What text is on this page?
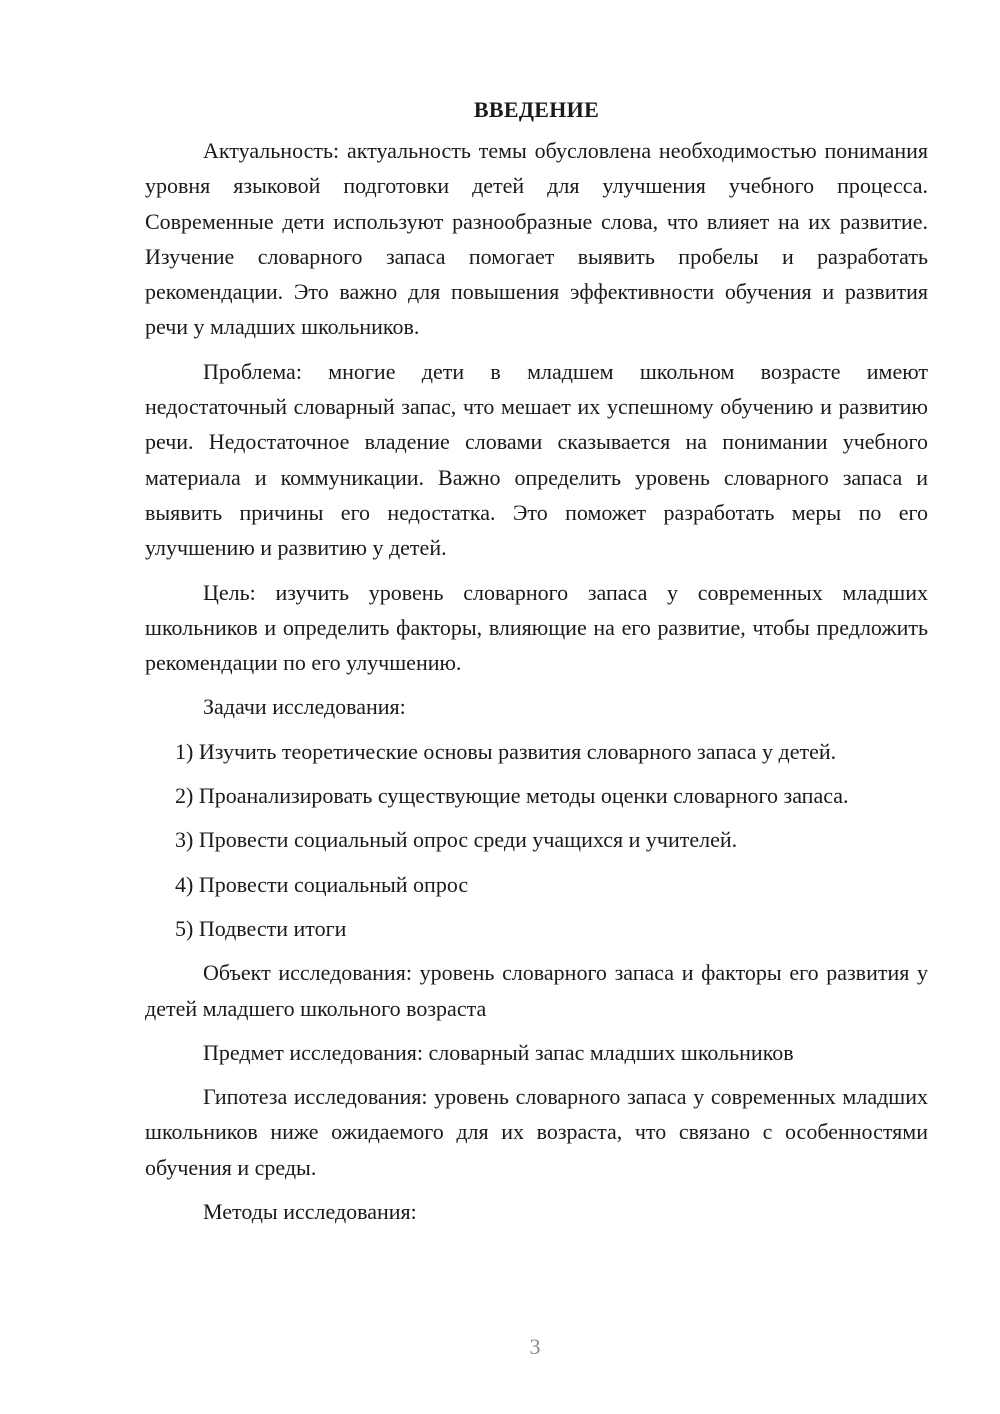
ВВЕДЕНИЕ

Актуальность: актуальность темы обусловлена необходимостью понимания уровня языковой подготовки детей для улучшения учебного процесса. Современные дети используют разнообразные слова, что влияет на их развитие. Изучение словарного запаса помогает выявить пробелы и разработать рекомендации. Это важно для повышения эффективности обучения и развития речи у младших школьников.

Проблема: многие дети в младшем школьном возрасте имеют недостаточный словарный запас, что мешает их успешному обучению и развитию речи. Недостаточное владение словами сказывается на понимании учебного материала и коммуникации. Важно определить уровень словарного запаса и выявить причины его недостатка. Это поможет разработать меры по его улучшению и развитию у детей.

Цель: изучить уровень словарного запаса у современных младших школьников и определить факторы, влияющие на его развитие, чтобы предложить рекомендации по его улучшению.

Задачи исследования:

1) Изучить теоретические основы развития словарного запаса у детей.

2) Проанализировать существующие методы оценки словарного запаса.

3) Провести социальный опрос среди учащихся и учителей.

4) Провести социальный опрос

5) Подвести итоги

Объект исследования: уровень словарного запаса и факторы его развития у детей младшего школьного возраста

Предмет исследования: словарный запас младших школьников

Гипотеза исследования: уровень словарного запаса у современных младших школьников ниже ожидаемого для их возраста, что связано с особенностями обучения и среды.

Методы исследования:

3
